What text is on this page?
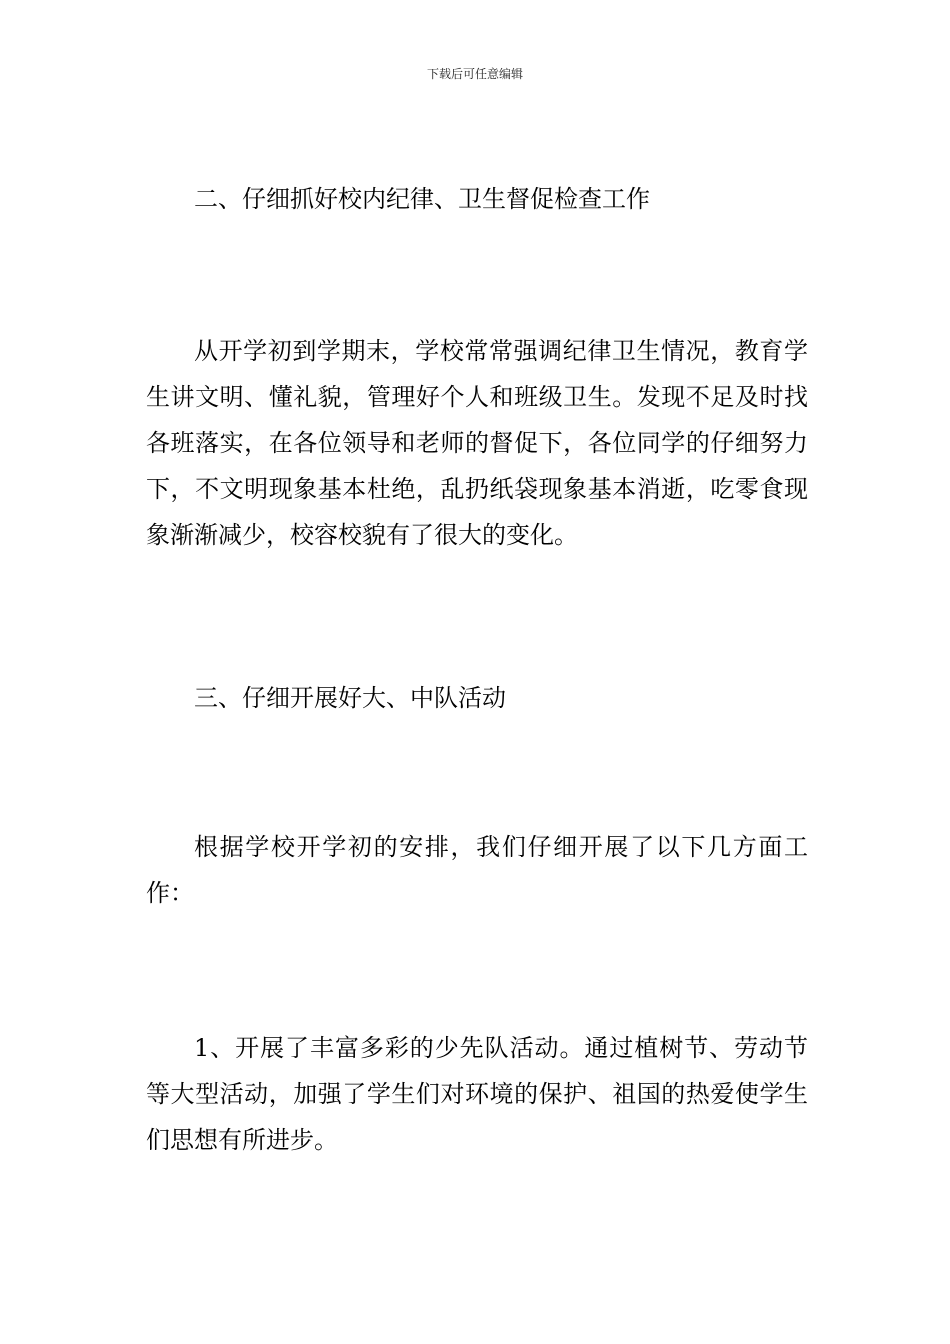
下载后可任意编辑
二、仔细抓好校内纪律、卫生督促检查工作
从开学初到学期末，学校常常强调纪律卫生情况，教育学生讲文明、懂礼貌，管理好个人和班级卫生。发现不足及时找各班落实，在各位领导和老师的督促下，各位同学的仔细努力下，不文明现象基本杜绝，乱扔纸袋现象基本消逝，吃零食现象渐渐减少，校容校貌有了很大的变化。
三、仔细开展好大、中队活动
根据学校开学初的安排，我们仔细开展了以下几方面工作：
1、开展了丰富多彩的少先队活动。通过植树节、劳动节等大型活动，加强了学生们对环境的保护、祖国的热爱使学生们思想有所进步。
